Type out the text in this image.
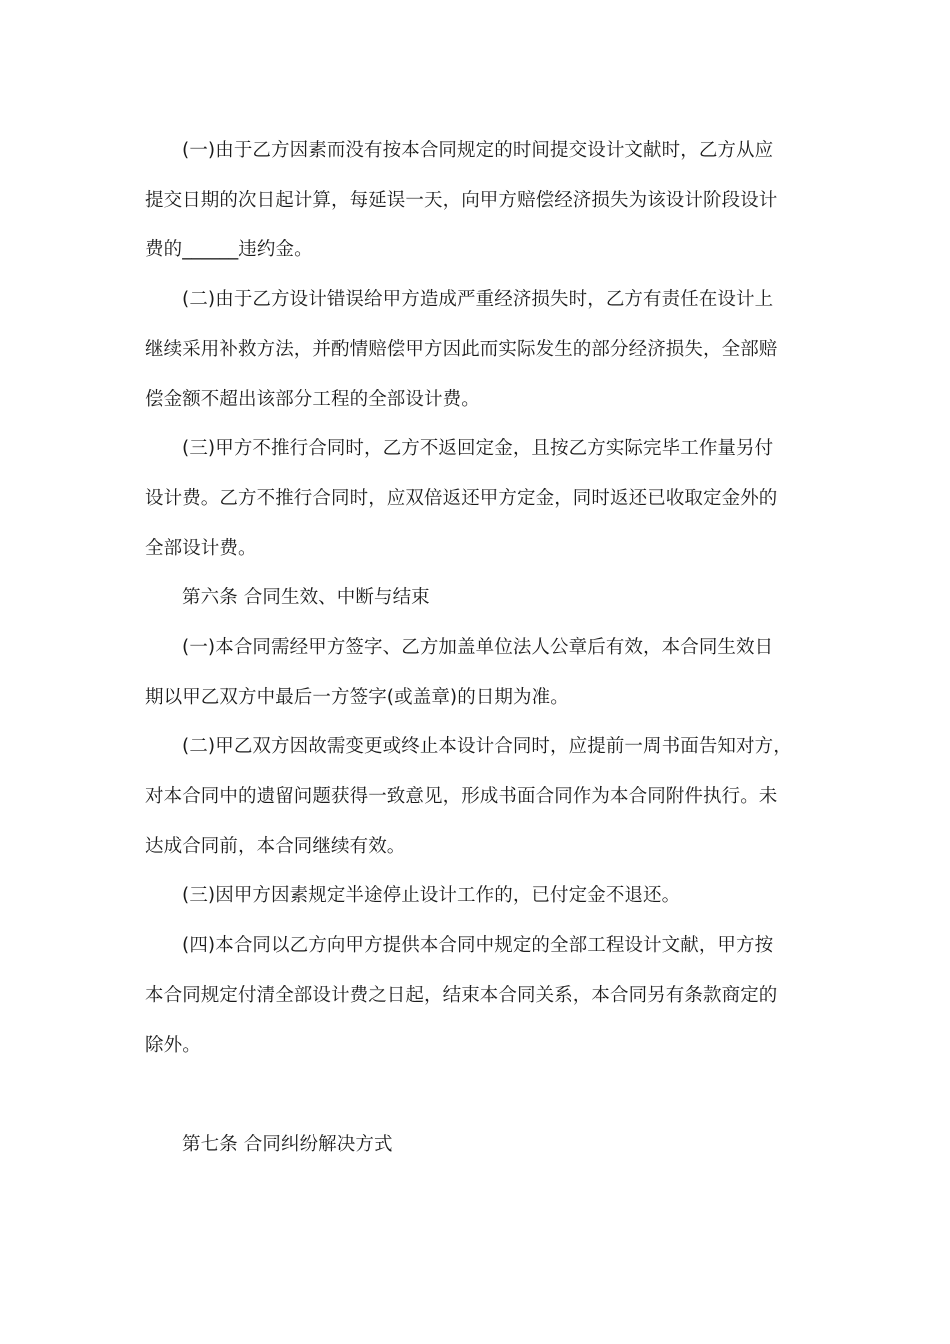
(一)由于乙方因素而没有按本合同规定的时间提交设计文献时，乙方从应
提交日期的次日起计算，每延误一天，向甲方赔偿经济损失为该设计阶段设计
费的______违约金。
(二)由于乙方设计错误给甲方造成严重经济损失时，乙方有责任在设计上
继续采用补救方法，并酌情赔偿甲方因此而实际发生的部分经济损失，全部赔
偿金额不超出该部分工程的全部设计费。
(三)甲方不推行合同时，乙方不返回定金，且按乙方实际完毕工作量另付
设计费。乙方不推行合同时，应双倍返还甲方定金，同时返还已收取定金外的
全部设计费。
第六条 合同生效、中断与结束
(一)本合同需经甲方签字、乙方加盖单位法人公章后有效，本合同生效日
期以甲乙双方中最后一方签字(或盖章)的日期为准。
(二)甲乙双方因故需变更或终止本设计合同时，应提前一周书面告知对方，
对本合同中的遗留问题获得一致意见，形成书面合同作为本合同附件执行。未
达成合同前，本合同继续有效。
(三)因甲方因素规定半途停止设计工作的，已付定金不退还。
(四)本合同以乙方向甲方提供本合同中规定的全部工程设计文献，甲方按
本合同规定付清全部设计费之日起，结束本合同关系，本合同另有条款商定的
除外。
第七条 合同纠纷解决方式
